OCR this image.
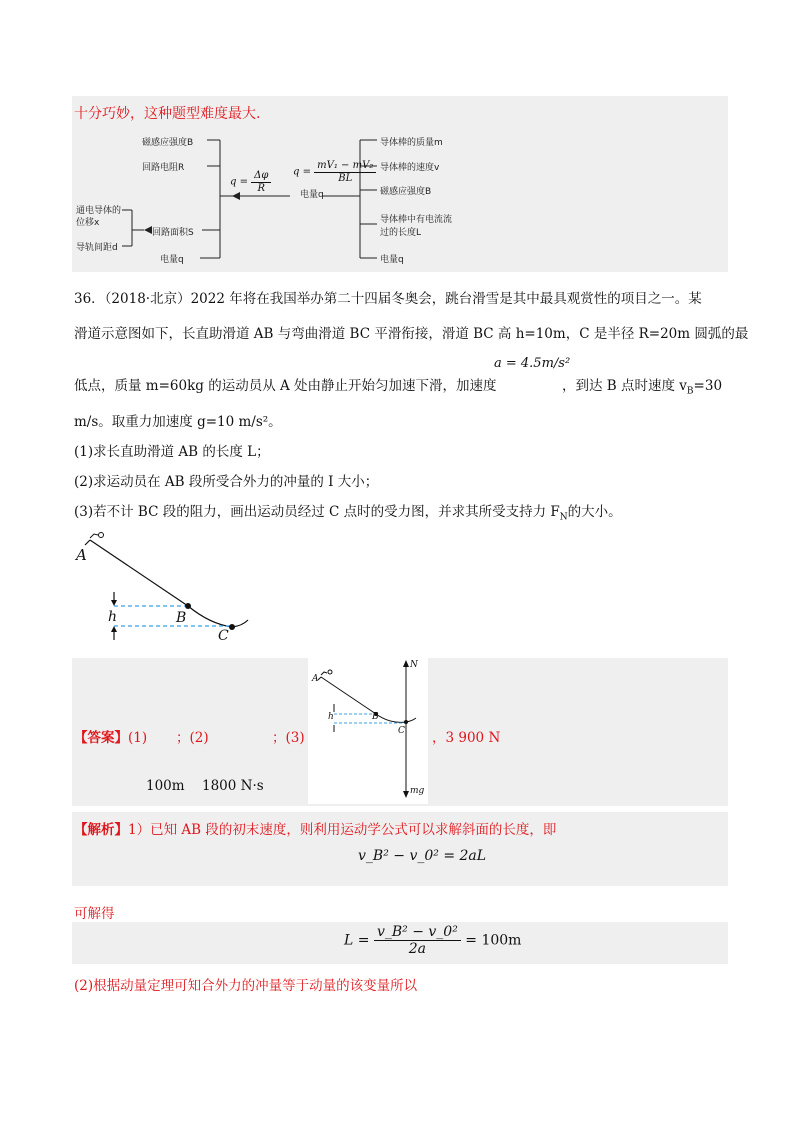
十分巧妙，这种题型难度最大.
磁感应强度B
回路电阻R
回路面积S
电量q
通电导体的
位移x
导轨间距d
$q = \frac{\Delta\varphi}{R}$ $q = \frac{\text{mV₁ − mV₂}}{BL}$
电量q
导体棒的质量m
导体棒的速度v
磁感应强度B
导体棒中有电流流
过的长度L
电量q
36．（2018·北京）2022 年将在我国举办第二十四届冬奥会，跳台滑雪是其中最具观赏性的项目之一。某
滑道示意图如下，长直助滑道 AB 与弯曲滑道 BC 平滑衔接，滑道 BC 高 h=10m，C 是半径 R=20m 圆弧的最
低点，质量 m=60kg 的运动员从 A 处由静止开始匀加速下滑，加速度
a = 4.5m/s²
，到达 B 点时速度 $v_B=30$
m/s。取重力加速度 g=10 m/s²。
(1)求长直助滑道 AB 的长度 L；
(2)求运动员在 AB 段所受合外力的冲量的 I 大小；
(3)若不计 BC 段的阻力，画出运动员经过 C 点时的受力图，并求其所受支持力 $F_N$的大小。
A
B
C
h
A
B
C
h
N
mg
【答案】(1) ；(2)	；(3)	，3 900 N
100m 1800 N·s
【解析】1）已知 AB 段的初末速度，则利用运动学公式可以求解斜面的长度，即
v_B² − v_0² = 2aL
可解得
$L = \frac{\text{v\_B² − v\_0²}}{2a} = 100m$
(2)根据动量定理可知合外力的冲量等于动量的该变量所以
